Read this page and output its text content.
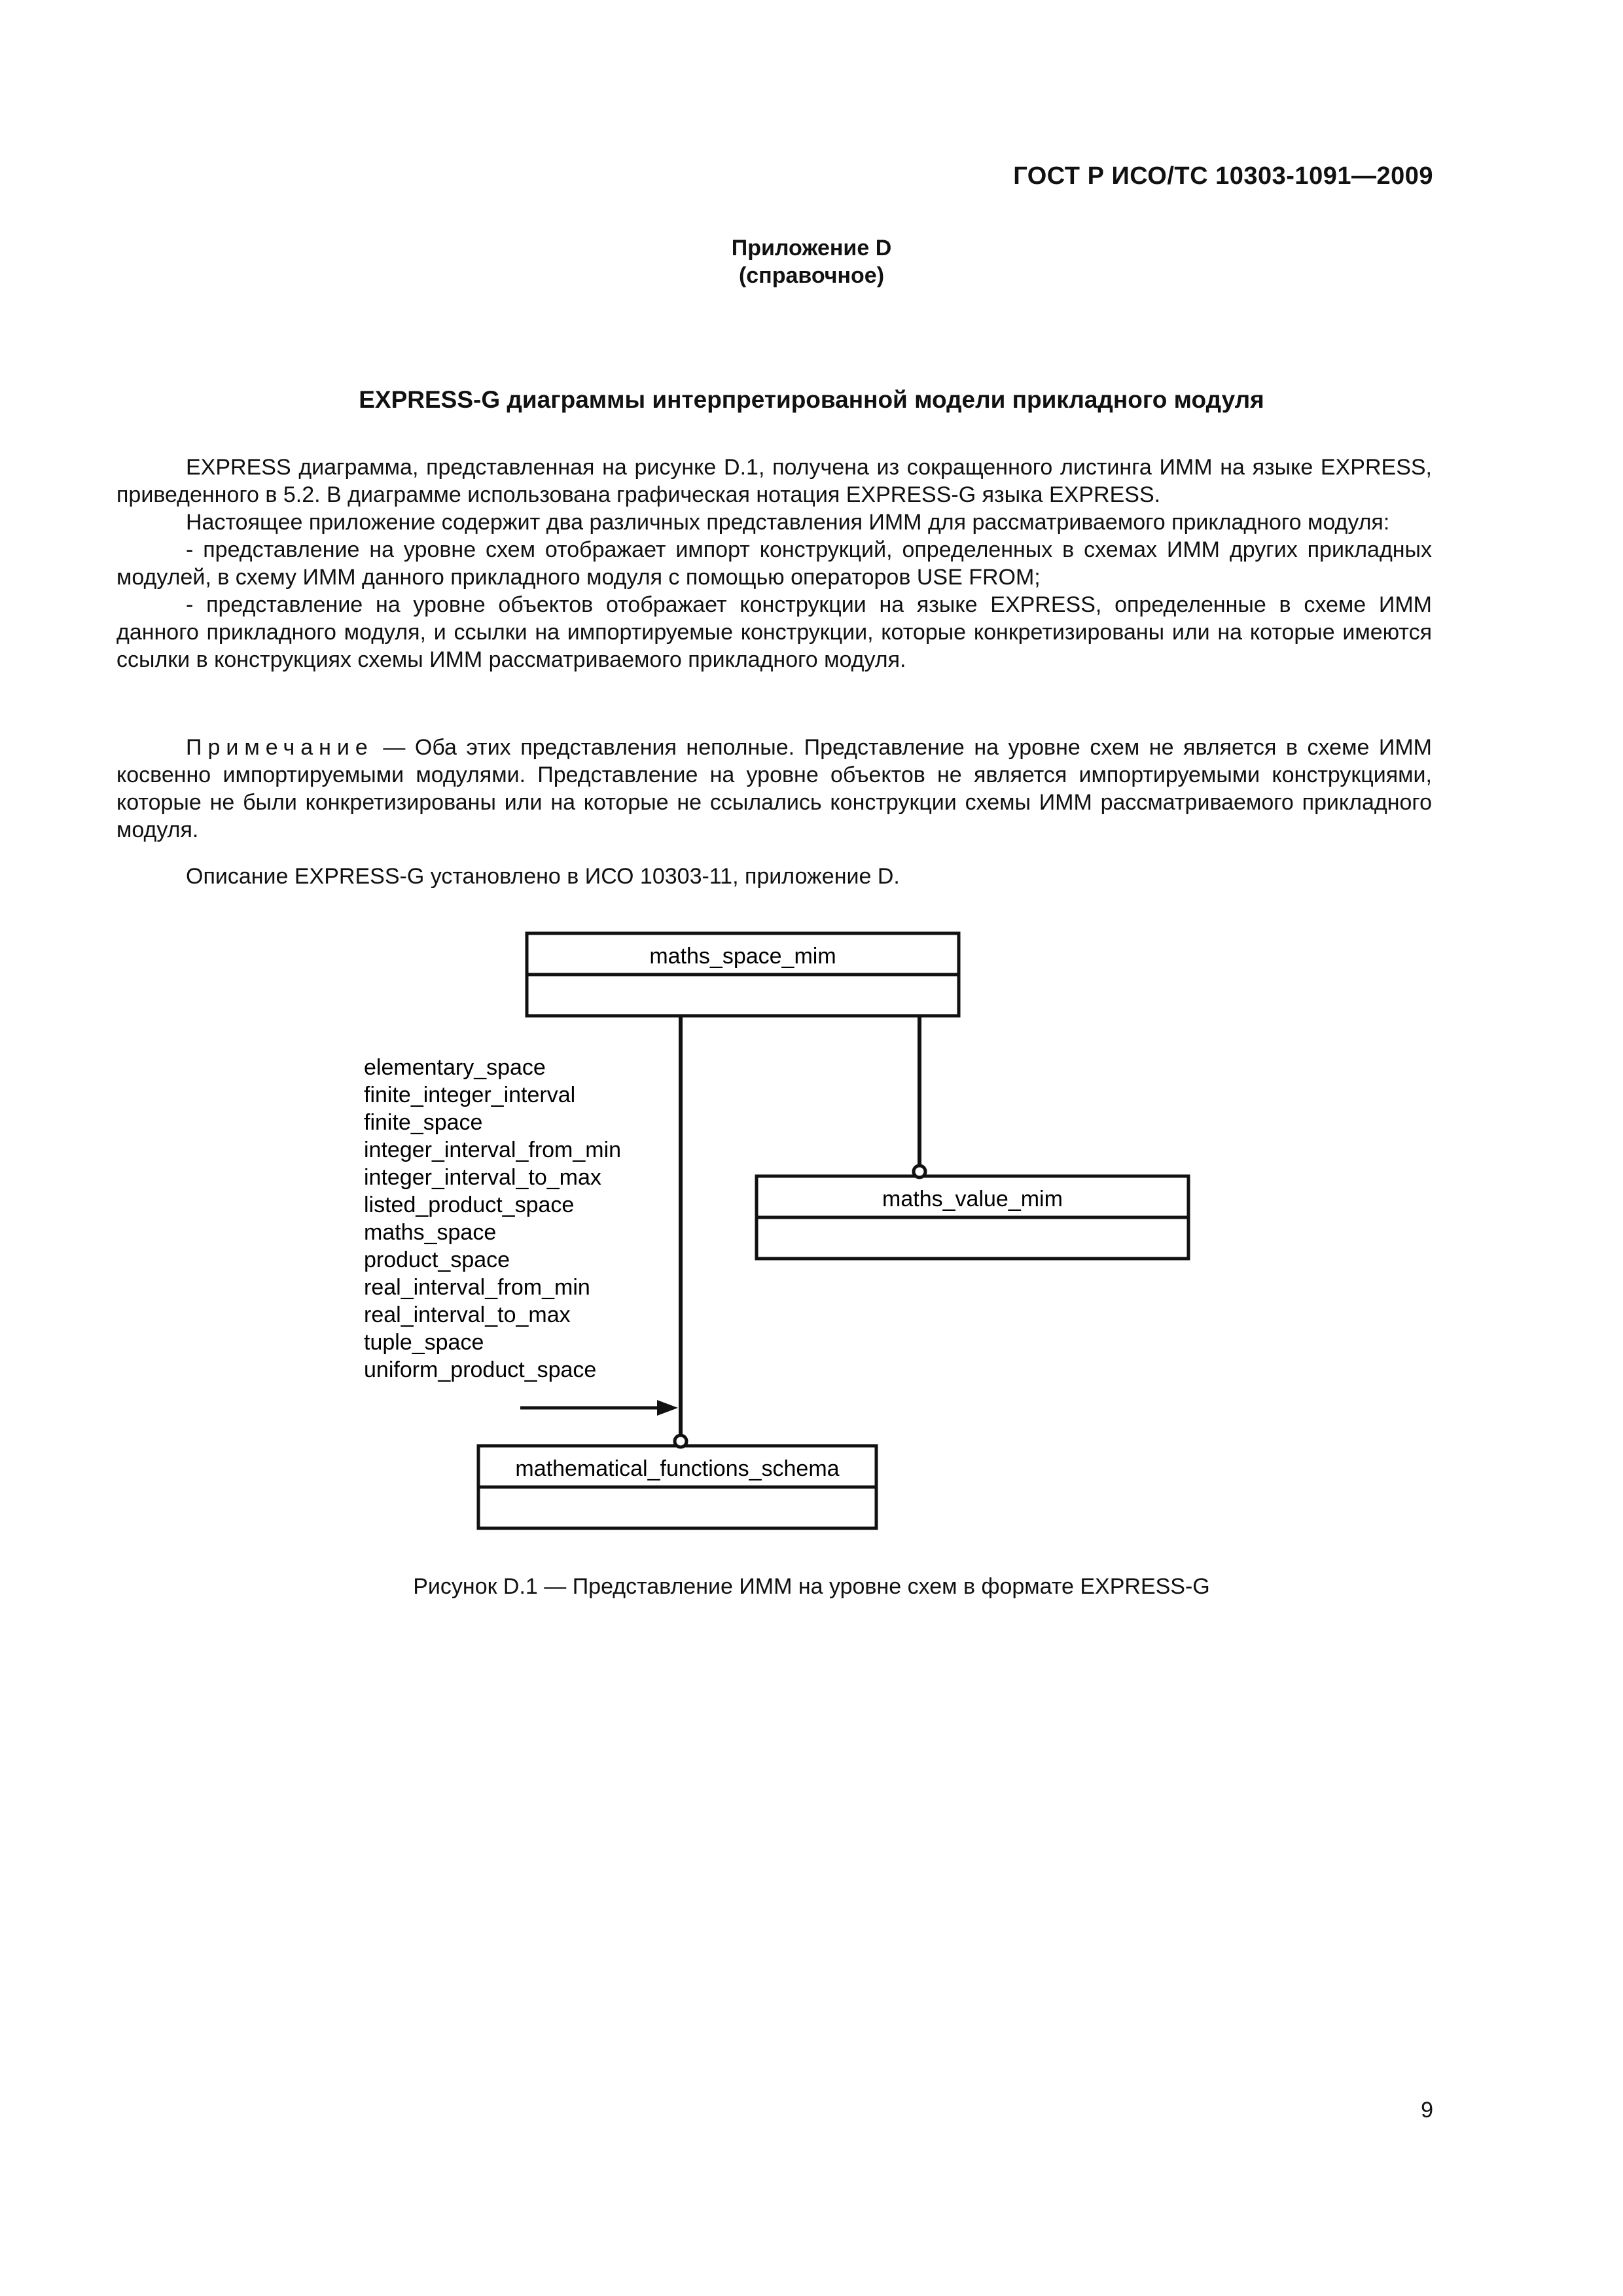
ГОСТ Р ИСО/ТС 10303-1091—2009
Приложение D
(справочное)
EXPRESS-G диаграммы интерпретированной модели прикладного модуля

EXPRESS диаграмма, представленная на рисунке D.1, получена из сокращенного листинга ИММ на языке EXPRESS, приведенного в 5.2. В диаграмме использована графическая нотация EXPRESS-G языка EXPRESS.

Настоящее приложение содержит два различных представления ИММ для рассматриваемого прикладного модуля:

- представление на уровне схем отображает импорт конструкций, определенных в схемах ИММ других прикладных модулей, в схему ИММ данного прикладного модуля с помощью операторов USE FROM;

- представление на уровне объектов отображает конструкции на языке EXPRESS, определенные в схеме ИММ данного прикладного модуля, и ссылки на импортируемые конструкции, которые конкретизированы или на которые имеются ссылки в конструкциях схемы ИММ рассматриваемого прикладного модуля.

Примечание — Оба этих представления неполные. Представление на уровне схем не является в схеме ИММ косвенно импортируемыми модулями. Представление на уровне объектов не является импортируемыми конструкциями, которые не были конкретизированы или на которые не ссылались конструкции схемы ИММ рассматриваемого прикладного модуля.

Описание EXPRESS-G установлено в ИСО 10303-11, приложение D.

maths_space_mim
maths_value_mim
mathematical_functions_schema
elementary_space
finite_integer_interval
finite_space
integer_interval_from_min
integer_interval_to_max
listed_product_space
maths_space
product_space
real_interval_from_min
real_interval_to_max
tuple_space
uniform_product_space
Рисунок D.1 — Представление ИММ на уровне схем в формате EXPRESS-G
9
